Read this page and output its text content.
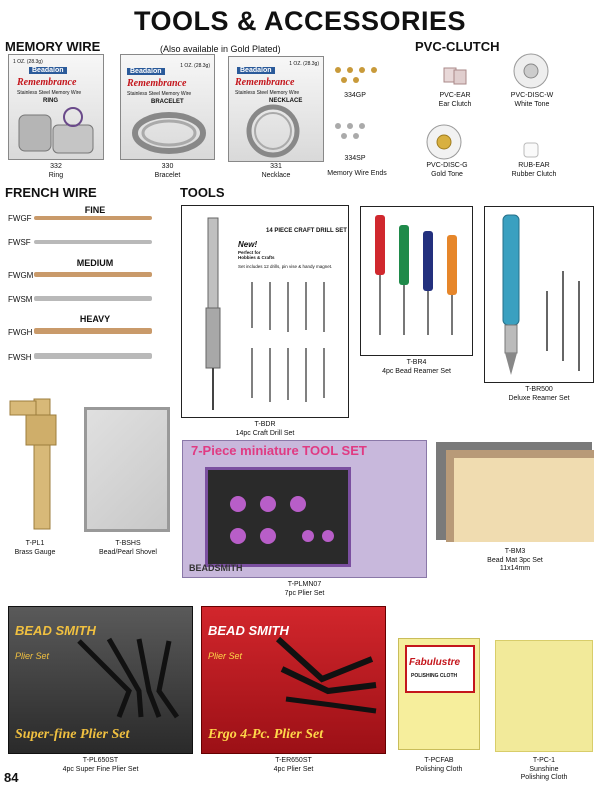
TOOLS & ACCESSORIES
MEMORY WIRE	(Also available in Gold Plated)
1 OZ. (28.3g)
Beadalon
Remembrance
Stainless Steel Memory Wire
RING
332
Ring
1 OZ. (28.3g)
Beadalon
Remembrance
Stainless Steel Memory Wire
BRACELET
330
Bracelet
1 OZ. (28.3g)
Beadalon
Remembrance
Stainless Steel Memory Wire
NECKLACE
331
Necklace
334GP
334SP
Memory Wire Ends
PVC-CLUTCH
PVC-EAR
Ear Clutch
PVC-DISC-W
White Tone
PVC-DISC-G
Gold Tone
RUB-EAR
Rubber Clutch
FRENCH WIRE
FINE
FWGF
FWSF
MEDIUM
FWGM
FWSM
HEAVY
FWGH
FWSH
TOOLS
14 PIECE CRAFT DRILL SET
New!
Perfect for Hobbies & Crafts
Set includes 12 drills, pin vise & handy magnet.
T-BDR
14pc Craft Drill Set
T-BR4
4pc Bead Reamer Set
T-BR500
Deluxe Reamer Set
T-PL1
Brass Gauge
T-BSHS
Bead/Pearl Shovel
7-Piece miniature TOOL SET
BEADSMITH
T-PLMN07
7pc Plier Set
T-BM3
Bead Mat 3pc Set
11x14mm
BEAD SMITH
Plier Set
Super-fine Plier Set
T-PL650ST
4pc Super Fine Plier Set
BEAD SMITH
Plier Set
Ergo 4-Pc. Plier Set
T-ER650ST
4pc Plier Set
Fabulustre
POLISHING CLOTH
T-PCFAB
Polishing Cloth
T-PC-1
Sunshine
Polishing Cloth
84
